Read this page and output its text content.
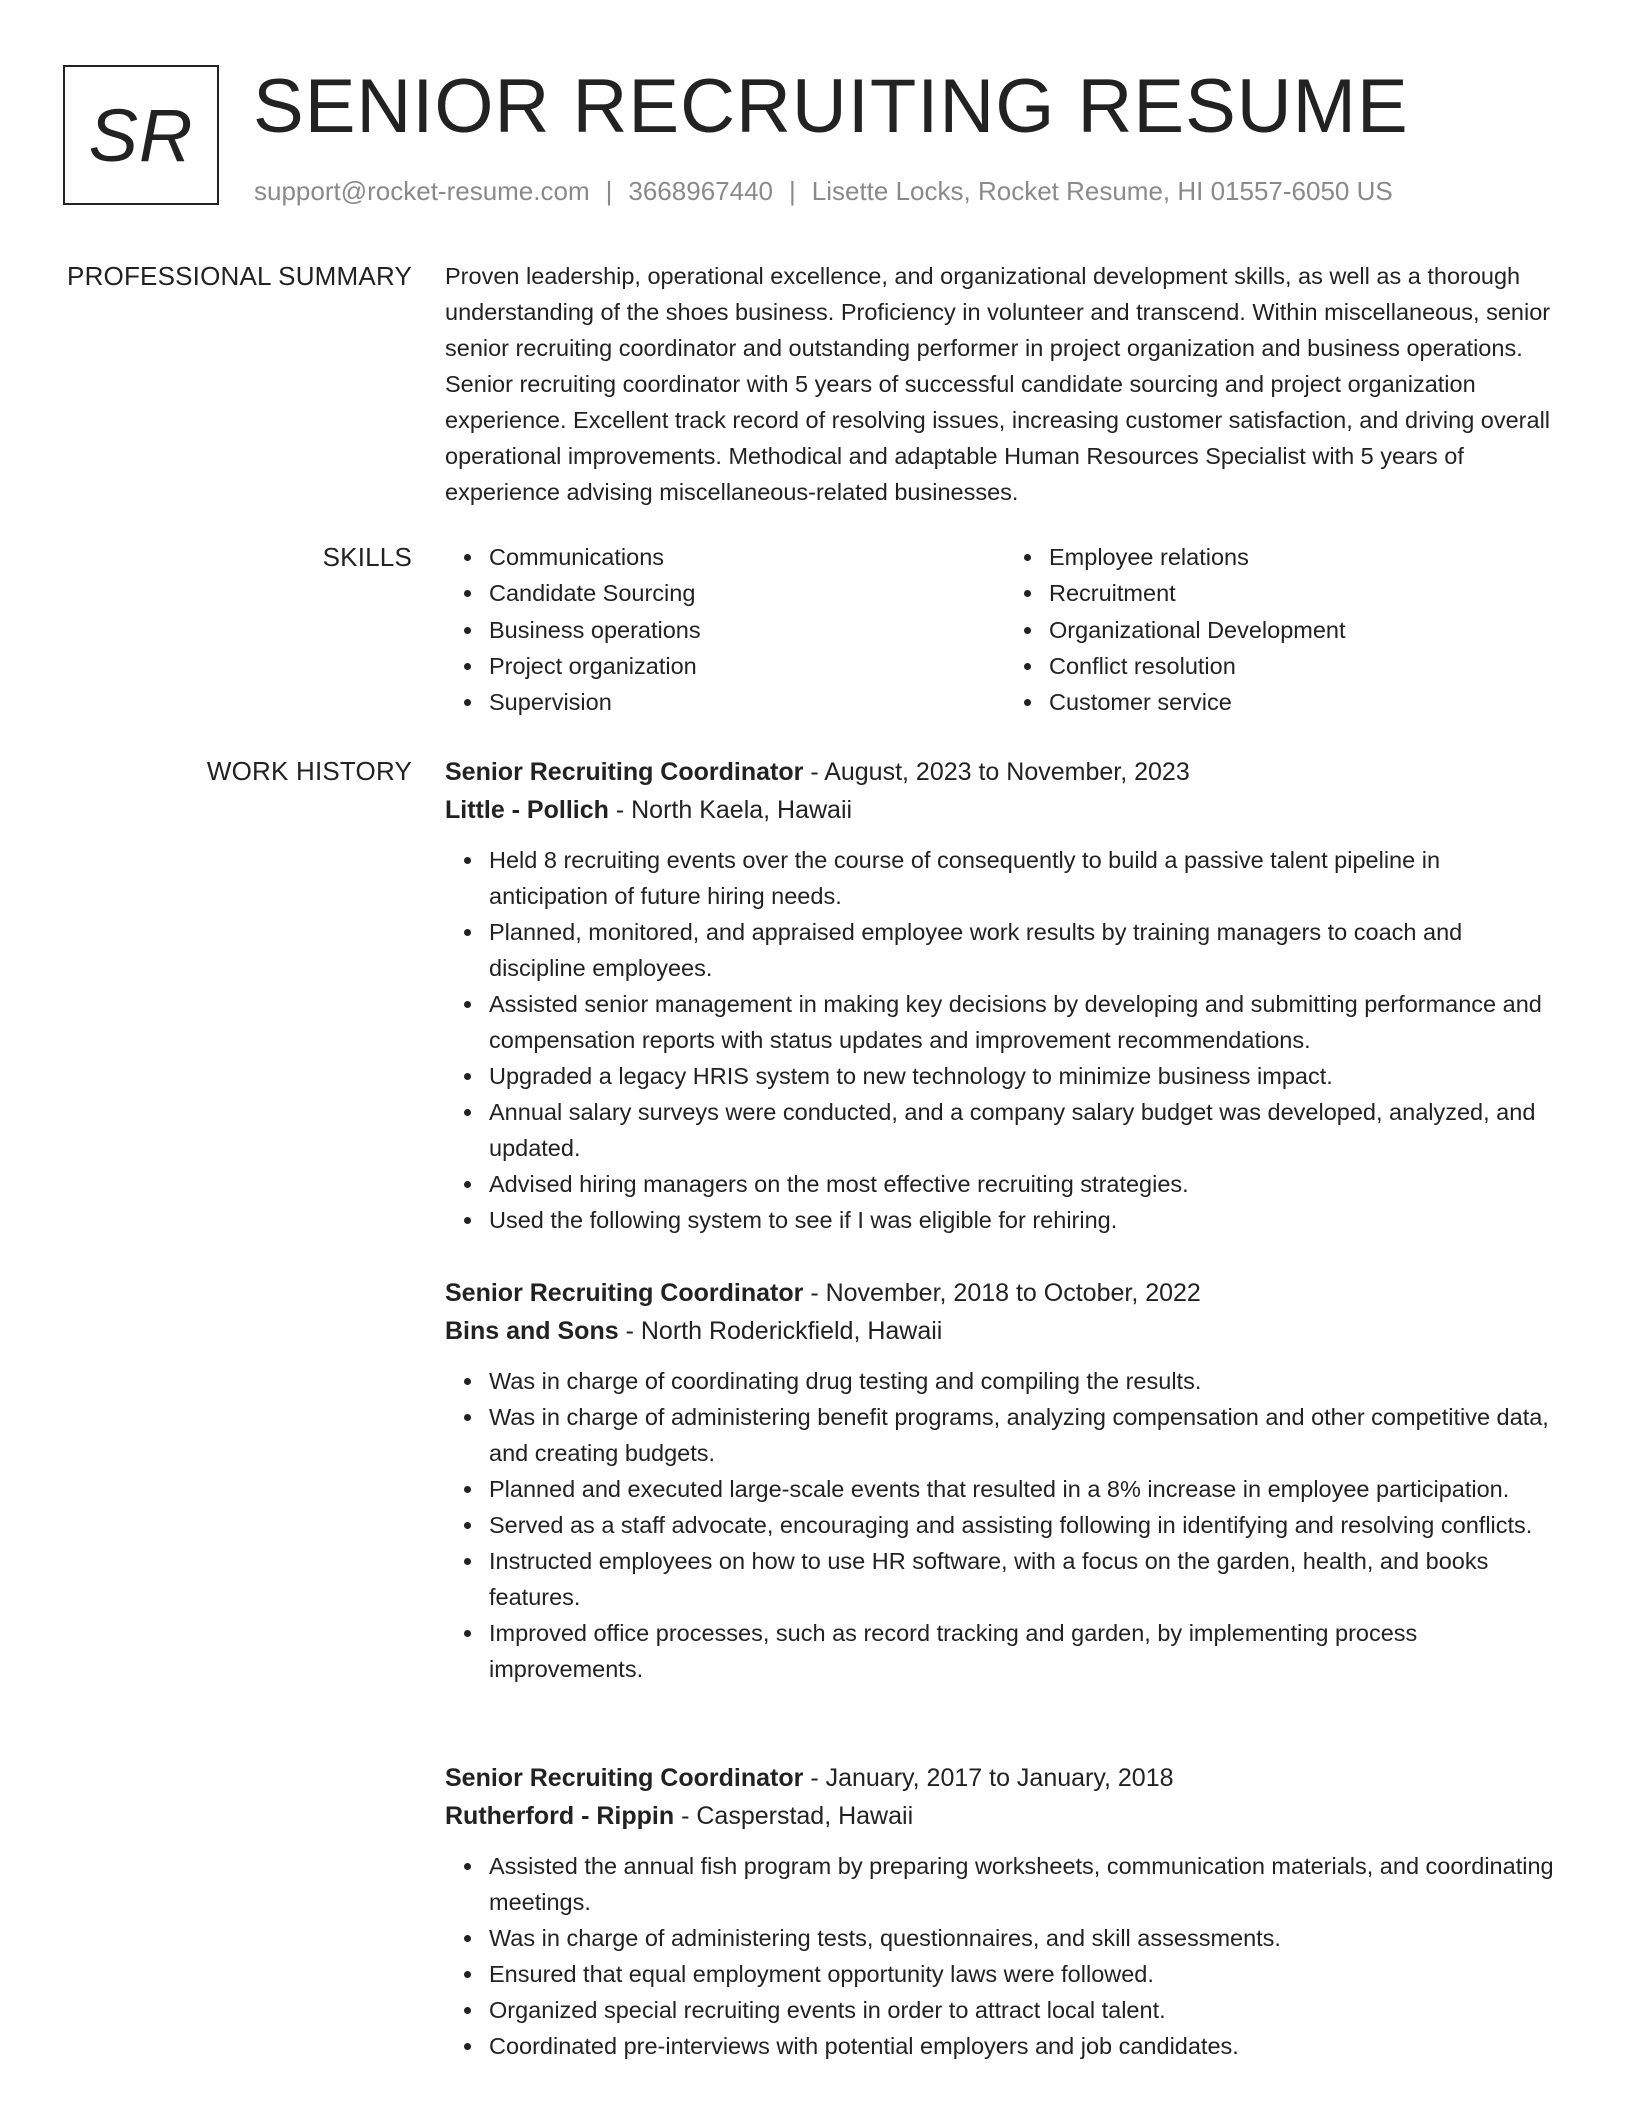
SR SENIOR RECRUITING RESUME
support@rocket-resume.com | 3668967440 | Lisette Locks, Rocket Resume, HI 01557-6050 US
PROFESSIONAL SUMMARY Proven leadership, operational excellence, and organizational development skills, as well as a thorough understanding of the shoes business. Proficiency in volunteer and transcend. Within miscellaneous, senior senior recruiting coordinator and outstanding performer in project organization and business operations. Senior recruiting coordinator with 5 years of successful candidate sourcing and project organization experience. Excellent track record of resolving issues, increasing customer satisfaction, and driving overall operational improvements. Methodical and adaptable Human Resources Specialist with 5 years of experience advising miscellaneous-related businesses.

SKILLS	Communications
Candidate Sourcing
Business operations
Project organization
Supervision
Employee relations
Recruitment
Organizational Development
Conflict resolution
Customer service
WORK HISTORY Senior Recruiting Coordinator - August, 2023 to November, 2023
Little - Pollich - North Kaela, Hawaii
Held 8 recruiting events over the course of consequently to build a passive talent pipeline in anticipation of future hiring needs.
Planned, monitored, and appraised employee work results by training managers to coach and discipline employees.
Assisted senior management in making key decisions by developing and submitting performance and compensation reports with status updates and improvement recommendations.
Upgraded a legacy HRIS system to new technology to minimize business impact.
Annual salary surveys were conducted, and a company salary budget was developed, analyzed, and updated.
Advised hiring managers on the most effective recruiting strategies.
Used the following system to see if I was eligible for rehiring.
Senior Recruiting Coordinator - November, 2018 to October, 2022
Bins and Sons - North Roderickfield, Hawaii
Was in charge of coordinating drug testing and compiling the results.
Was in charge of administering benefit programs, analyzing compensation and other competitive data, and creating budgets.
Planned and executed large-scale events that resulted in a 8% increase in employee participation.
Served as a staff advocate, encouraging and assisting following in identifying and resolving conflicts.
Instructed employees on how to use HR software, with a focus on the garden, health, and books features.
Improved office processes, such as record tracking and garden, by implementing process improvements.
Senior Recruiting Coordinator - January, 2017 to January, 2018
Rutherford - Rippin - Casperstad, Hawaii
Assisted the annual fish program by preparing worksheets, communication materials, and coordinating meetings.
Was in charge of administering tests, questionnaires, and skill assessments.
Ensured that equal employment opportunity laws were followed.
Organized special recruiting events in order to attract local talent.
Coordinated pre-interviews with potential employers and job candidates.
